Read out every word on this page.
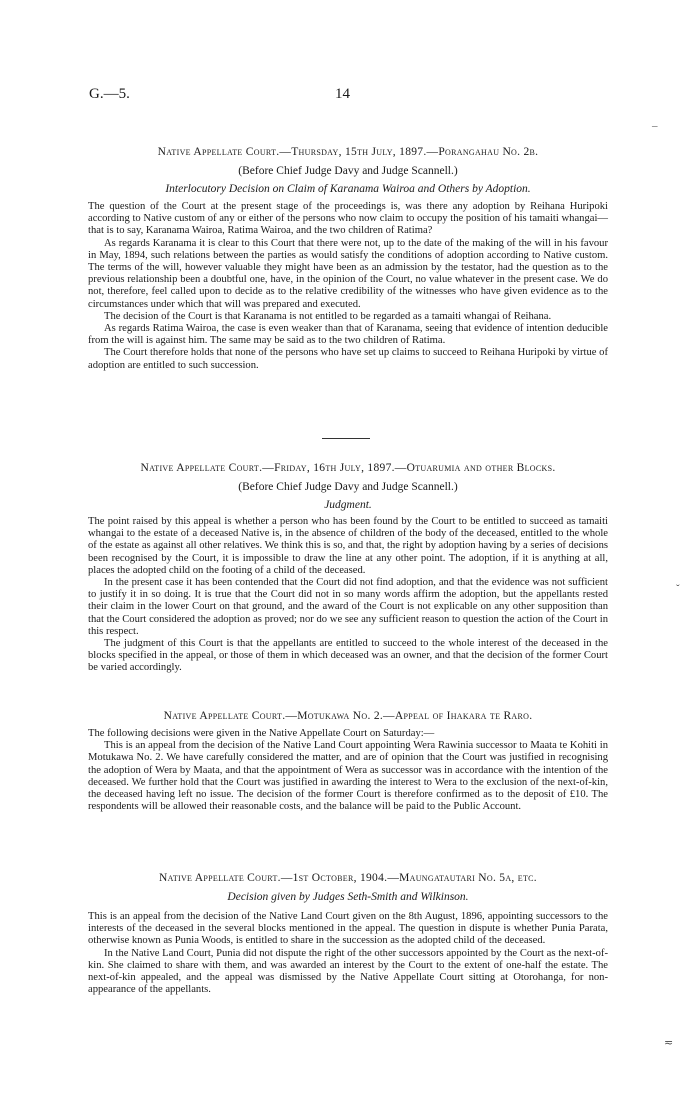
G.—5.	14

Native Appellate Court.—Thursday, 15th July, 1897.—Porangahau No. 2b.

(Before Chief Judge Davy and Judge Scannell.)

Interlocutory Decision on Claim of Karanama Wairoa and Others by Adoption.

The question of the Court at the present stage of the proceedings is, was there any adoption by Reihana Huripoki according to Native custom of any or either of the persons who now claim to occupy the position of his tamaiti whangai—that is to say, Karanama Wairoa, Ratima Wairoa, and the two children of Ratima?

As regards Karanama it is clear to this Court that there were not, up to the date of the making of the will in his favour in May, 1894, such relations between the parties as would satisfy the conditions of adoption according to Native custom. The terms of the will, however valuable they might have been as an admission by the testator, had the question as to the previous relationship been a doubtful one, have, in the opinion of the Court, no value whatever in the present case. We do not, therefore, feel called upon to decide as to the relative credibility of the witnesses who have given evidence as to the circumstances under which that will was prepared and executed.

The decision of the Court is that Karanama is not entitled to be regarded as a tamaiti whangai of Reihana.

As regards Ratima Wairoa, the case is even weaker than that of Karanama, seeing that evidence of intention deducible from the will is against him. The same may be said as to the two children of Ratima.

The Court therefore holds that none of the persons who have set up claims to succeed to Reihana Huripoki by virtue of adoption are entitled to such succession.

Native Appellate Court.—Friday, 16th July, 1897.—Otuarumia and other Blocks.

(Before Chief Judge Davy and Judge Scannell.)

Judgment.

The point raised by this appeal is whether a person who has been found by the Court to be entitled to succeed as tamaiti whangai to the estate of a deceased Native is, in the absence of children of the body of the deceased, entitled to the whole of the estate as against all other relatives. We think this is so, and that, the right by adoption having by a series of decisions been recognised by the Court, it is impossible to draw the line at any other point. The adoption, if it is anything at all, places the adopted child on the footing of a child of the deceased.

In the present case it has been contended that the Court did not find adoption, and that the evidence was not sufficient to justify it in so doing. It is true that the Court did not in so many words affirm the adoption, but the appellants rested their claim in the lower Court on that ground, and the award of the Court is not explicable on any other supposition than that the Court considered the adoption as proved; nor do we see any sufficient reason to question the action of the Court in this respect.

The judgment of this Court is that the appellants are entitled to succeed to the whole interest of the deceased in the blocks specified in the appeal, or those of them in which deceased was an owner, and that the decision of the former Court be varied accordingly.

Native Appellate Court.—Motukawa No. 2.—Appeal of Ihakara te Raro.

The following decisions were given in the Native Appellate Court on Saturday:—

This is an appeal from the decision of the Native Land Court appointing Wera Rawinia successor to Maata te Kohiti in Motukawa No. 2. We have carefully considered the matter, and are of opinion that the Court was justified in recognising the adoption of Wera by Maata, and that the appointment of Wera as successor was in accordance with the intention of the deceased. We further hold that the Court was justified in awarding the interest to Wera to the exclusion of the next-of-kin, the deceased having left no issue. The decision of the former Court is therefore confirmed as to the deposit of £10. The respondents will be allowed their reasonable costs, and the balance will be paid to the Public Account.

Native Appellate Court.—1st October, 1904.—Maungatautari No. 5a, etc.

Decision given by Judges Seth-Smith and Wilkinson.

This is an appeal from the decision of the Native Land Court given on the 8th August, 1896, appointing successors to the interests of the deceased in the several blocks mentioned in the appeal. The question in dispute is whether Punia Parata, otherwise known as Punia Woods, is entitled to share in the succession as the adopted child of the deceased.

In the Native Land Court, Punia did not dispute the right of the other successors appointed by the Court as the next-of-kin. She claimed to share with them, and was awarded an interest by the Court to the extent of one-half the estate. The next-of-kin appealed, and the appeal was dismissed by the Native Appellate Court sitting at Otorohanga, for non-appearance of the appellants.

‒
ˇ
≂
